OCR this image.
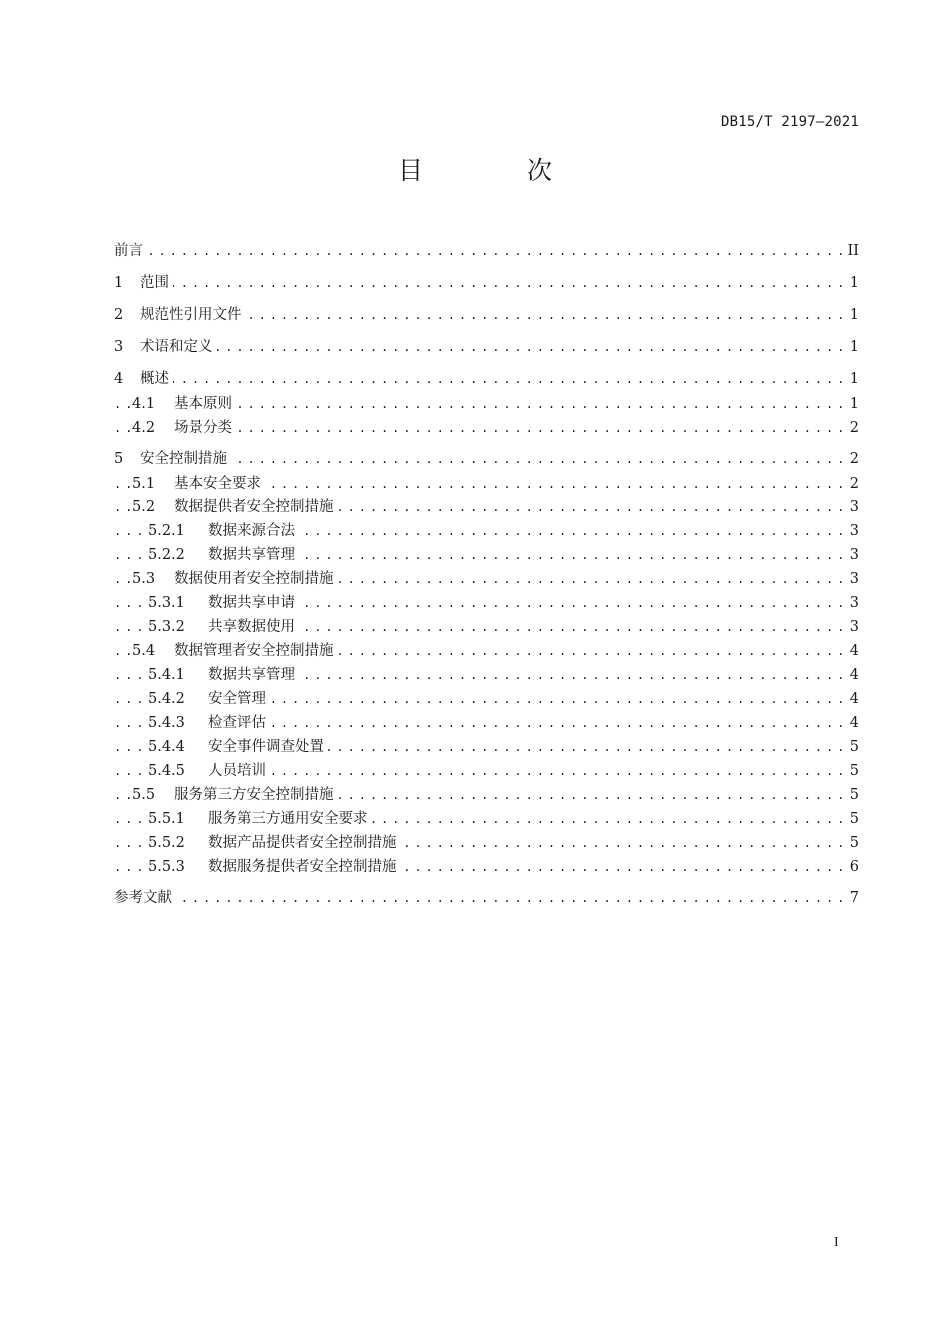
DB15/T 2197—2021
目 次
.....
前言	II
.....
1 范围	1
.....
2 规范性引用文件	1
.....
3 术语和定义	1
.....
4 概述	1
.....
4.1 基本原则	1
.....
4.2 场景分类	2
.....
5 安全控制措施	2
.....
5.1 基本安全要求	2
.....
5.2 数据提供者安全控制措施	3
.....
5.2.1 数据来源合法	3
.....
5.2.2 数据共享管理	3
.....
5.3 数据使用者安全控制措施	3
.....
5.3.1 数据共享申请	3
.....
5.3.2 共享数据使用	3
.....
5.4 数据管理者安全控制措施	4
.....
5.4.1 数据共享管理	4
.....
5.4.2 安全管理	4
.....
5.4.3 检查评估	4
.....
5.4.4 安全事件调查处置	5
.....
5.4.5 人员培训	5
.....
5.5 服务第三方安全控制措施	5
.....
5.5.1 服务第三方通用安全要求	5
.....
5.5.2 数据产品提供者安全控制措施	5
.....
5.5.3 数据服务提供者安全控制措施	6
.....
参考文献	7
I
